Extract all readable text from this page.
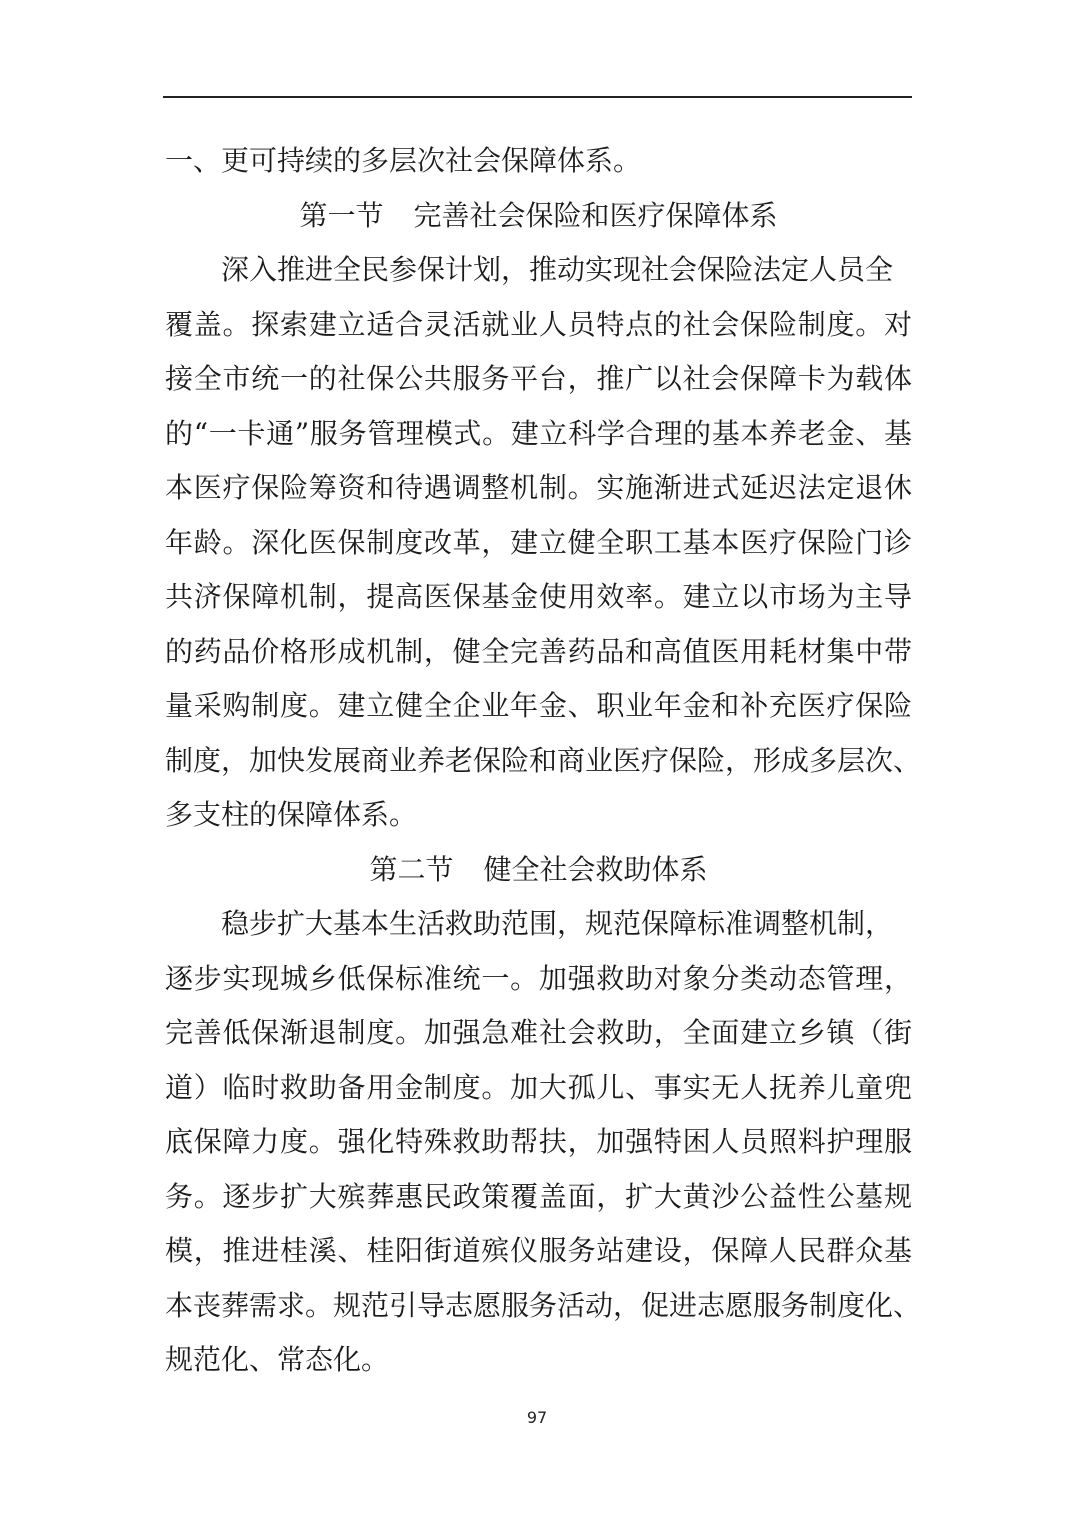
一、更可持续的多层次社会保障体系。
第一节 完善社会保险和医疗保障体系
　　深入推进全民参保计划，推动实现社会保险法定人员全
覆盖。探索建立适合灵活就业人员特点的社会保险制度。对
接全市统一的社保公共服务平台，推广以社会保障卡为载体
的“一卡通”服务管理模式。建立科学合理的基本养老金、基
本医疗保险筹资和待遇调整机制。实施渐进式延迟法定退休
年龄。深化医保制度改革，建立健全职工基本医疗保险门诊
共济保障机制，提高医保基金使用效率。建立以市场为主导
的药品价格形成机制，健全完善药品和高值医用耗材集中带
量采购制度。建立健全企业年金、职业年金和补充医疗保险
制度，加快发展商业养老保险和商业医疗保险，形成多层次、
多支柱的保障体系。
第二节 健全社会救助体系
　　稳步扩大基本生活救助范围，规范保障标准调整机制，
逐步实现城乡低保标准统一。加强救助对象分类动态管理，
完善低保渐退制度。加强急难社会救助，全面建立乡镇（街
道）临时救助备用金制度。加大孤儿、事实无人抚养儿童兜
底保障力度。强化特殊救助帮扶，加强特困人员照料护理服
务。逐步扩大殡葬惠民政策覆盖面，扩大黄沙公益性公墓规
模，推进桂溪、桂阳街道殡仪服务站建设，保障人民群众基
本丧葬需求。规范引导志愿服务活动，促进志愿服务制度化、
规范化、常态化。
97
